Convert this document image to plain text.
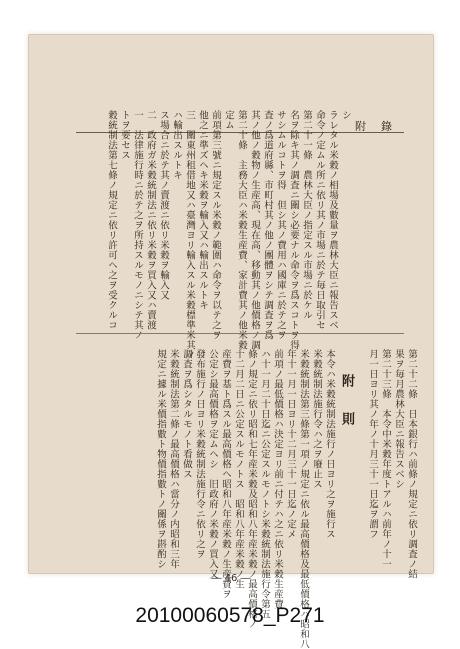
附　錄
穀統制法第七條ノ規定ニ依リ許可ヘ之ヲ受クルコ トヲ要セス 一　法律施行時ニ於テ之ヲ所持スルモノニシテ其ノ 二　政府ガ米穀統制法ニ依リ米穀ヲ買入又ハ賣渡 ス場合ニ於テ其ノ賣渡ニ依リ米穀ヲ輸入又 ハ輸出スルトキ 三　關東州租借地又ハ臺灣ヨリ輸入スル米穀標準米其ノ 他之ニ準ズヘキ米穀ヲ輸入又ハ輸出スルトキ 前項第三號ニ規定スル米穀ノ範圍ハ命令ヲ以テ之ヲ 定ム 第二十條　主務大臣ハ米穀生産費、家計費其ノ他米穀 其ノ他ノ穀物ノ生産高、現在高、移動其ノ他價格ノ調 査ノ爲道府縣、市町村其ノ他ノ團體ヲシテ調査ヲ爲 サシムルコトヲ得　但シ其ノ費用ハ國庫ニ於テ之ヲ 名ヲ除キ其ノ調査ニ關シ必要ナル命令ヲ爲スコトヲ得 第二十一條　農林大臣ノ指定スル市場ニ於ケル 命令ノ定ムル所ニ依リ其ノ市場ニ於テ毎日取引セ ラレタル米穀ノ相場及數量ヲ農林大臣ニ報告スベ シ
第二十二條　日本銀行ハ前條ノ規定ニ依リ調査ノ結
果ヲ毎月農林大臣ニ報告スベシ
第二十三條　本令中米穀年度トアルハ前年ノ十一
月一日ヨリ其ノ年ノ十月三十一日迄ヲ謂フ
附　則
本令ハ米穀統制法施行ノ日ヨリ之ヲ施行ス
米穀統制法施行令ハ之ヲ廢止ス
米穀統制法第三條第一項ノ規定ニ依ル最高價格及最低價格ハ昭和八
年十一月一日ヨリ十二月三十一日迄ノ定メ
前項ノ最低價格ハ決定ヨリ前ニ付テハ之ニ依リ米穀生産費
ハ十一月二十日迄ニ公定スルモノトシ米穀統制法施行令第五
條ノ規定ニ依リ昭和七年産米穀及昭和八年産米穀ノ最高價格ノ
十二月二日ニ公定スルモノトス　昭和八年産米穀ノ生
産費ヲ基ト爲スル最高價格ヘ昭和八年産米穀ノ生産費ヲ
公定シ最高價格ヲ定ムヘシ　旧政府ノ米穀ノ買入又
發布施行ノ日ヨリ米穀統制法施行令ニ依リ之ヲ
調査ヲ爲シタルモノト看做ス
米穀統制法第二條ノ最高價格ハ當分ノ内昭和三年
規定ニ據ル米價指數ト物價指數トノ關係ヲ斟酌シ
― 46 ―
20100060578_P271
